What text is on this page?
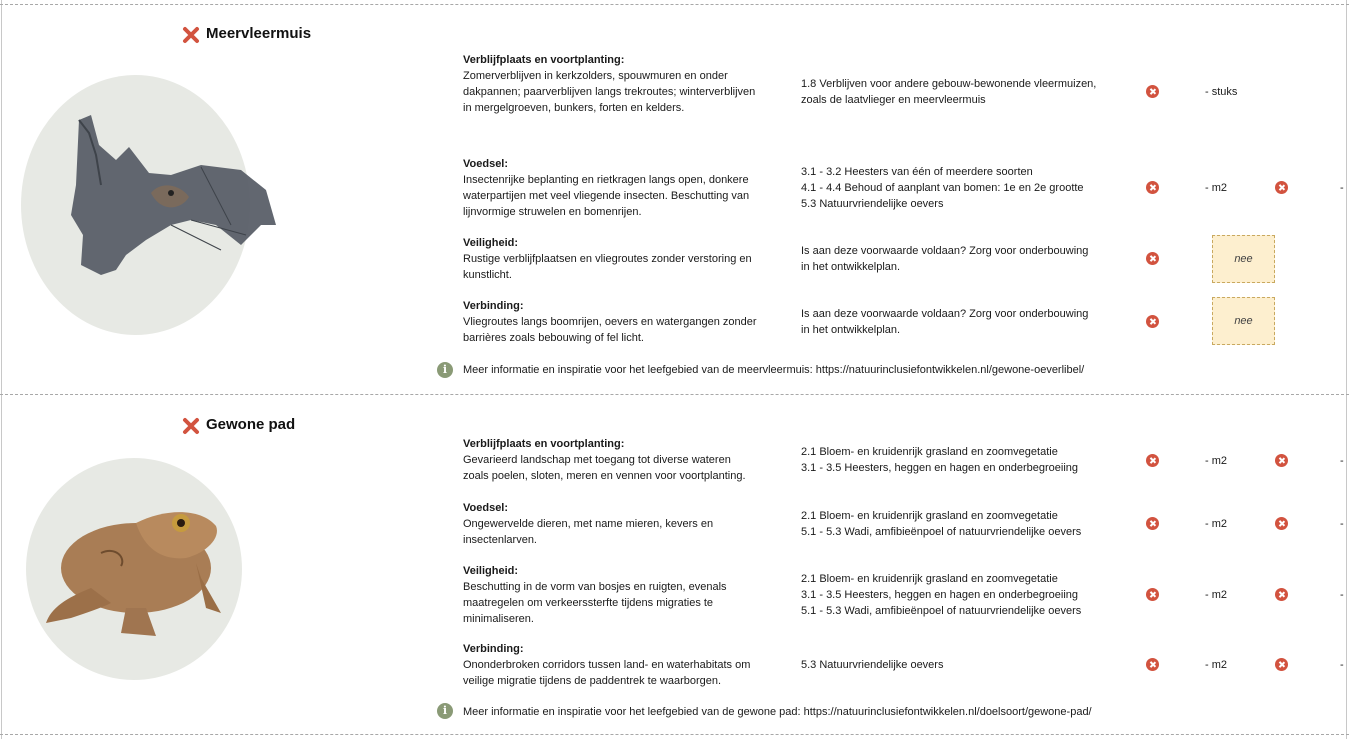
Meervleermuis
Verblijfplaats en voortplanting:
Zomerverblijven in kerkzolders, spouwmuren en onder
dakpannen; paarverblijven langs trekroutes; winterverblijven
in mergelgroeven, bunkers, forten en kelders.
1.8 Verblijven voor andere gebouw-bewonende vleermuizen,
zoals de laatvlieger en meervleermuis
- stuks
Voedsel:
Insectenrijke beplanting en rietkragen langs open, donkere
waterpartijen met veel vliegende insecten. Beschutting van
lijnvormige struwelen en bomenrijen.
3.1 - 3.2 Heesters van één of meerdere soorten
4.1 - 4.4 Behoud of aanplant van bomen: 1e en 2e grootte
5.3 Natuurvriendelijke oevers
- m2	-
Veiligheid:
Rustige verblijfplaatsen en vliegroutes zonder verstoring en
kunstlicht.
Is aan deze voorwaarde voldaan? Zorg voor onderbouwing
in het ontwikkelplan.
nee
Verbinding:
Vliegroutes langs boomrijen, oevers en watergangen zonder
barrières zoals bebouwing of fel licht.
Is aan deze voorwaarde voldaan? Zorg voor onderbouwing
in het ontwikkelplan.
nee
i	Meer informatie en inspiratie voor het leefgebied van de meervleermuis: https://natuurinclusiefontwikkelen.nl/gewone-oeverlibel/
Gewone pad
Verblijfplaats en voortplanting:
Gevarieerd landschap met toegang tot diverse wateren
zoals poelen, sloten, meren en vennen voor voortplanting.
2.1 Bloem- en kruidenrijk grasland en zoomvegetatie
3.1 - 3.5 Heesters, heggen en hagen en onderbegroeiing
- m2	-
Voedsel:
Ongewervelde dieren, met name mieren, kevers en
insectenlarven.
2.1 Bloem- en kruidenrijk grasland en zoomvegetatie
5.1 - 5.3 Wadi, amfibieënpoel of natuurvriendelijke oevers
- m2	-
Veiligheid:
Beschutting in de vorm van bosjes en ruigten, evenals
maatregelen om verkeerssterfte tijdens migraties te
minimaliseren.
2.1 Bloem- en kruidenrijk grasland en zoomvegetatie
3.1 - 3.5 Heesters, heggen en hagen en onderbegroeiing
5.1 - 5.3 Wadi, amfibieënpoel of natuurvriendelijke oevers
- m2	-
Verbinding:
Ononderbroken corridors tussen land- en waterhabitats om
veilige migratie tijdens de paddentrek te waarborgen.
5.3 Natuurvriendelijke oevers	- m2	-
i	Meer informatie en inspiratie voor het leefgebied van de gewone pad: https://natuurinclusiefontwikkelen.nl/doelsoort/gewone-pad/
